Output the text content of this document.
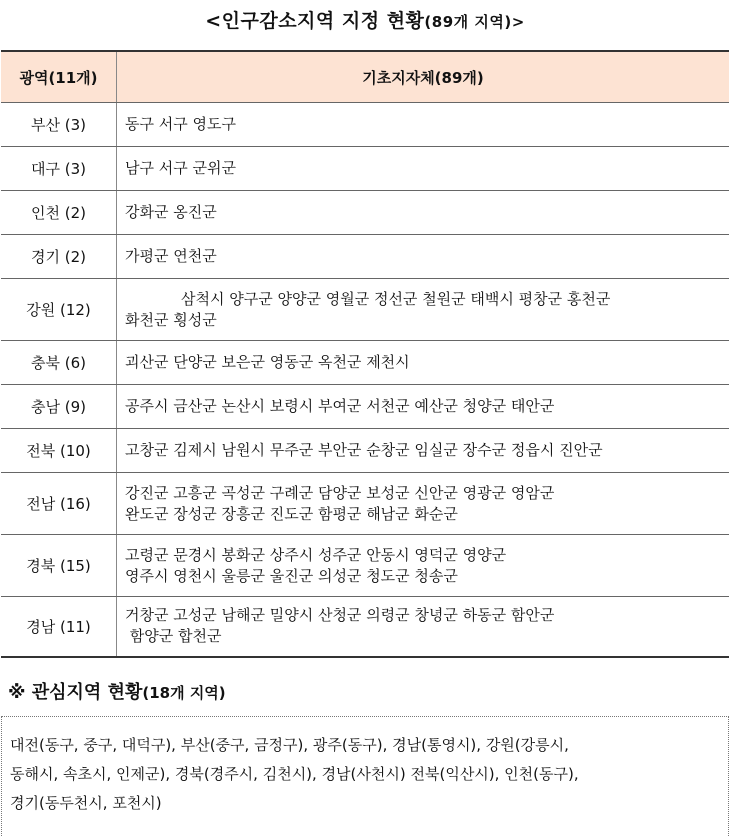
<인구감소지역 지정 현황(89개 지역)>
광역(11개)	기초지자체(89개)
부산 (3)	동구 서구 영도구

대구 (3)	남구 서구 군위군

인천 (2)	강화군 옹진군

경기 (2)	가평군 연천군

강원 (12)	삼척시 양구군 양양군 영월군 정선군 철원군 태백시 평창군 홍천군
화천군 횡성군

충북 (6)	괴산군 단양군 보은군 영동군 옥천군 제천시

충남 (9)	공주시 금산군 논산시 보령시 부여군 서천군 예산군 청양군 태안군

전북 (10)	고창군 김제시 남원시 무주군 부안군 순창군 임실군 장수군 정읍시 진안군

전남 (16)	강진군 고흥군 곡성군 구례군 담양군 보성군 신안군 영광군 영암군
완도군 장성군 장흥군 진도군 함평군 해남군 화순군

경북 (15)	고령군 문경시 봉화군 상주시 성주군 안동시 영덕군 영양군
영주시 영천시 울릉군 울진군 의성군 청도군 청송군

경남 (11)	거창군 고성군 남해군 밀양시 산청군 의령군 창녕군 하동군 함안군
함양군 합천군
※ 관심지역 현황(18개 지역)
대전(동구, 중구, 대덕구), 부산(중구, 금정구), 광주(동구), 경남(통영시), 강원(강릉시,
동해시, 속초시, 인제군), 경북(경주시, 김천시), 경남(사천시) 전북(익산시), 인천(동구),
경기(동두천시, 포천시)
